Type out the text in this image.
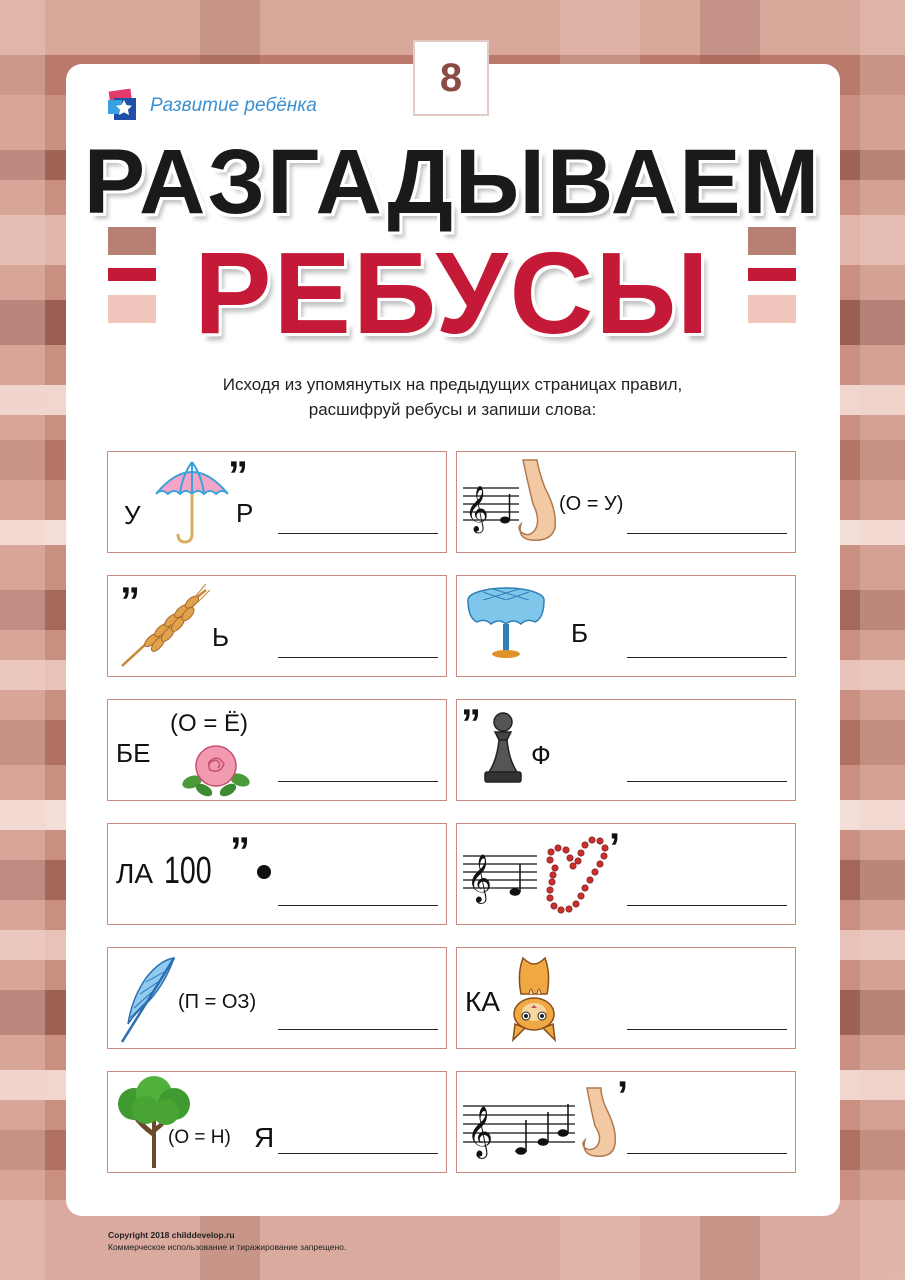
8
Развитие ребёнка
РАЗГАДЫВАЕМ
РЕБУСЫ
Исходя из упомянутых на предыдущих страницах правил,
расшифруй ребусы и запиши слова:
У
”
Р	𝄞	(О = У)
”
Ь	Б
БЕ
(О = Ё)	”
Ф
ЛА 100 ”
𝄞
’
(П = ОЗ)	КА
(О = Н) Я	𝄞
’
Copyright 2018 childdevelop.ru
Коммерческое использование и тиражирование запрещено.
